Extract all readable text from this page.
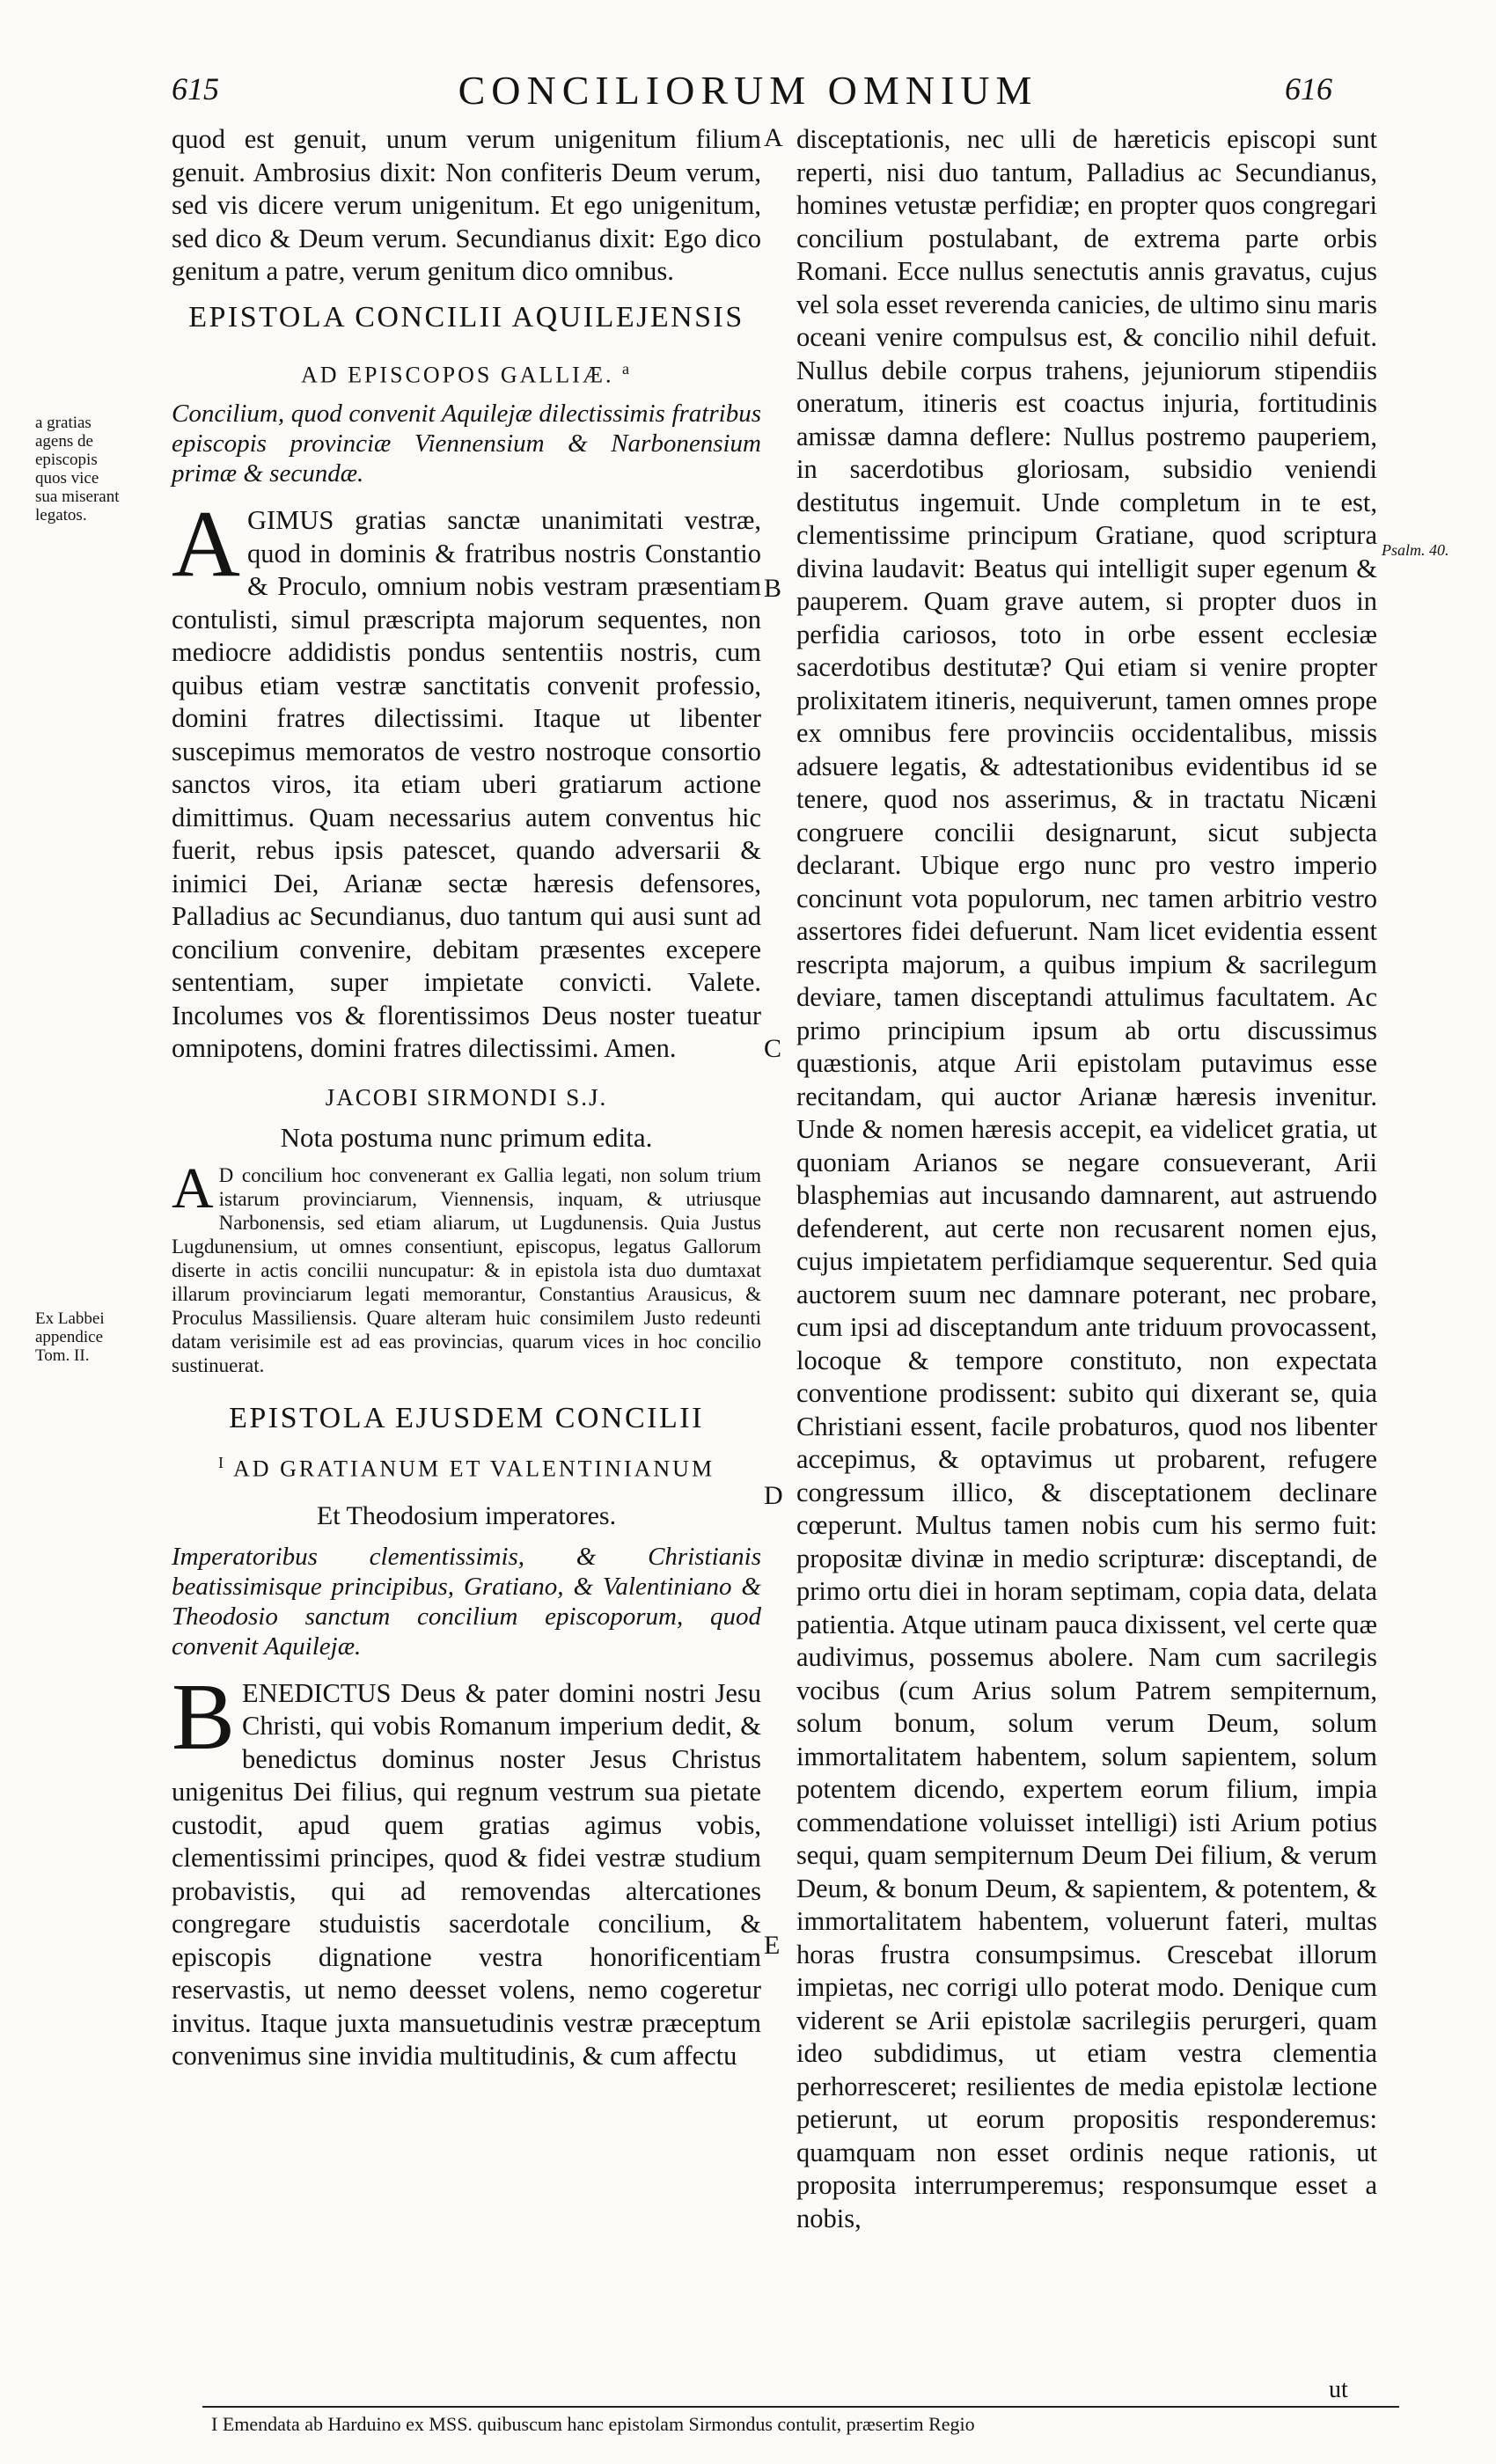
615	CONCILIORUM OMNIUM	616
a gratias agens de episcopis quos vice sua miserant legatos.
Ex Labbei appendice Tom. II.
Psalm. 40.
A
B
C
D
E

quod est genuit, unum verum unigenitum filium genuit. Ambrosius dixit: Non confiteris Deum verum, sed vis dicere verum unigenitum. Et ego unigenitum, sed dico & Deum verum. Secundianus dixit: Ego dico genitum a patre, verum genitum dico omnibus.

EPISTOLA CONCILII AQUILEJENSIS
AD EPISCOPOS GALLIÆ. $^a$

Concilium, quod convenit Aquilejæ dilectissimis fratribus episcopis provinciæ Viennensium & Narbonensium primæ & secundæ.

AGIMUS gratias sanctæ unanimitati vestræ, quod in dominis & fratribus nostris Constantio & Proculo, omnium nobis vestram præsentiam contulisti, simul præscripta majorum sequentes, non mediocre addidistis pondus sententiis nostris, cum quibus etiam vestræ sanctitatis convenit professio, domini fratres dilectissimi. Itaque ut libenter suscepimus memoratos de vestro nostroque consortio sanctos viros, ita etiam uberi gratiarum actione dimittimus. Quam necessarius autem conventus hic fuerit, rebus ipsis patescet, quando adversarii & inimici Dei, Arianæ sectæ hæresis defensores, Palladius ac Secundianus, duo tantum qui ausi sunt ad concilium convenire, debitam præsentes excepere sententiam, super impietate convicti. Valete. Incolumes vos & florentissimos Deus noster tueatur omnipotens, domini fratres dilectissimi. Amen.

JACOBI SIRMONDI S.J.
Nota postuma nunc primum edita.

A D concilium hoc convenerant ex Gallia legati, non solum trium istarum provinciarum, Viennensis, inquam, & utriusque Narbonensis, sed etiam aliarum, ut Lugdunensis. Quia Justus Lugdunensium, ut omnes consentiunt, episcopus, legatus Gallorum diserte in actis concilii nuncupatur: & in epistola ista duo dumtaxat illarum provinciarum legati memorantur, Constantius Arausicus, & Proculus Massiliensis. Quare alteram huic consimilem Justo redeunti datam verisimile est ad eas provincias, quarum vices in hoc concilio sustinuerat.

EPISTOLA EJUSDEM CONCILII
$^I$ AD GRATIANUM ET VALENTINIANUM
Et Theodosium imperatores.

Imperatoribus clementissimis, & Christianis beatissimisque principibus, Gratiano, & Valentiniano & Theodosio sanctum concilium episcoporum, quod convenit Aquilejæ.

BENEDICTUS Deus & pater domini nostri Jesu Christi, qui vobis Romanum imperium dedit, & benedictus dominus noster Jesus Christus unigenitus Dei filius, qui regnum vestrum sua pietate custodit, apud quem gratias agimus vobis, clementissimi principes, quod & fidei vestræ studium probavistis, qui ad removendas altercationes congregare studuistis sacerdotale concilium, & episcopis dignatione vestra honorificentiam reservastis, ut nemo deesset volens, nemo cogeretur invitus. Itaque juxta mansuetudinis vestræ præceptum convenimus sine invidia multitudinis, & cum affectu

disceptationis, nec ulli de hæreticis episcopi sunt reperti, nisi duo tantum, Palladius ac Secundianus, homines vetustæ perfidiæ; en propter quos congregari concilium postulabant, de extrema parte orbis Romani. Ecce nullus senectutis annis gravatus, cujus vel sola esset reverenda canicies, de ultimo sinu maris oceani venire compulsus est, & concilio nihil defuit. Nullus debile corpus trahens, jejuniorum stipendiis oneratum, itineris est coactus injuria, fortitudinis amissæ damna deflere: Nullus postremo pauperiem, in sacerdotibus gloriosam, subsidio veniendi destitutus ingemuit. Unde completum in te est, clementissime principum Gratiane, quod scriptura divina laudavit: Beatus qui intelligit super egenum & pauperem. Quam grave autem, si propter duos in perfidia cariosos, toto in orbe essent ecclesiæ sacerdotibus destitutæ? Qui etiam si venire propter prolixitatem itineris, nequiverunt, tamen omnes prope ex omnibus fere provinciis occidentalibus, missis adsuere legatis, & adtestationibus evidentibus id se tenere, quod nos asserimus, & in tractatu Nicæni congruere concilii designarunt, sicut subjecta declarant. Ubique ergo nunc pro vestro imperio concinunt vota populorum, nec tamen arbitrio vestro assertores fidei defuerunt. Nam licet evidentia essent rescripta majorum, a quibus impium & sacrilegum deviare, tamen disceptandi attulimus facultatem. Ac primo principium ipsum ab ortu discussimus quæstionis, atque Arii epistolam putavimus esse recitandam, qui auctor Arianæ hæresis invenitur. Unde & nomen hæresis accepit, ea videlicet gratia, ut quoniam Arianos se negare consueverant, Arii blasphemias aut incusando damnarent, aut astruendo defenderent, aut certe non recusarent nomen ejus, cujus impietatem perfidiamque sequerentur. Sed quia auctorem suum nec damnare poterant, nec probare, cum ipsi ad disceptandum ante triduum provocassent, locoque & tempore constituto, non expectata conventione prodissent: subito qui dixerant se, quia Christiani essent, facile probaturos, quod nos libenter accepimus, & optavimus ut probarent, refugere congressum illico, & disceptationem declinare cœperunt. Multus tamen nobis cum his sermo fuit: propositæ divinæ in medio scripturæ: disceptandi, de primo ortu diei in horam septimam, copia data, delata patientia. Atque utinam pauca dixissent, vel certe quæ audivimus, possemus abolere. Nam cum sacrilegis vocibus (cum Arius solum Patrem sempiternum, solum bonum, solum verum Deum, solum immortalitatem habentem, solum sapientem, solum potentem dicendo, expertem eorum filium, impia commendatione voluisset intelligi) isti Arium potius sequi, quam sempiternum Deum Dei filium, & verum Deum, & bonum Deum, & sapientem, & potentem, & immortalitatem habentem, voluerunt fateri, multas horas frustra consumpsimus. Crescebat illorum impietas, nec corrigi ullo poterat modo. Denique cum viderent se Arii epistolæ sacrilegiis perurgeri, quam ideo subdidimus, ut etiam vestra clementia perhorresceret; resilientes de media epistolæ lectione petierunt, ut eorum propositis responderemus: quamquam non esset ordinis neque rationis, ut proposita interrumperemus; responsumque esset a nobis,

ut
I Emendata ab Harduino ex MSS. quibuscum hanc epistolam Sirmondus contulit, præsertim Regio
